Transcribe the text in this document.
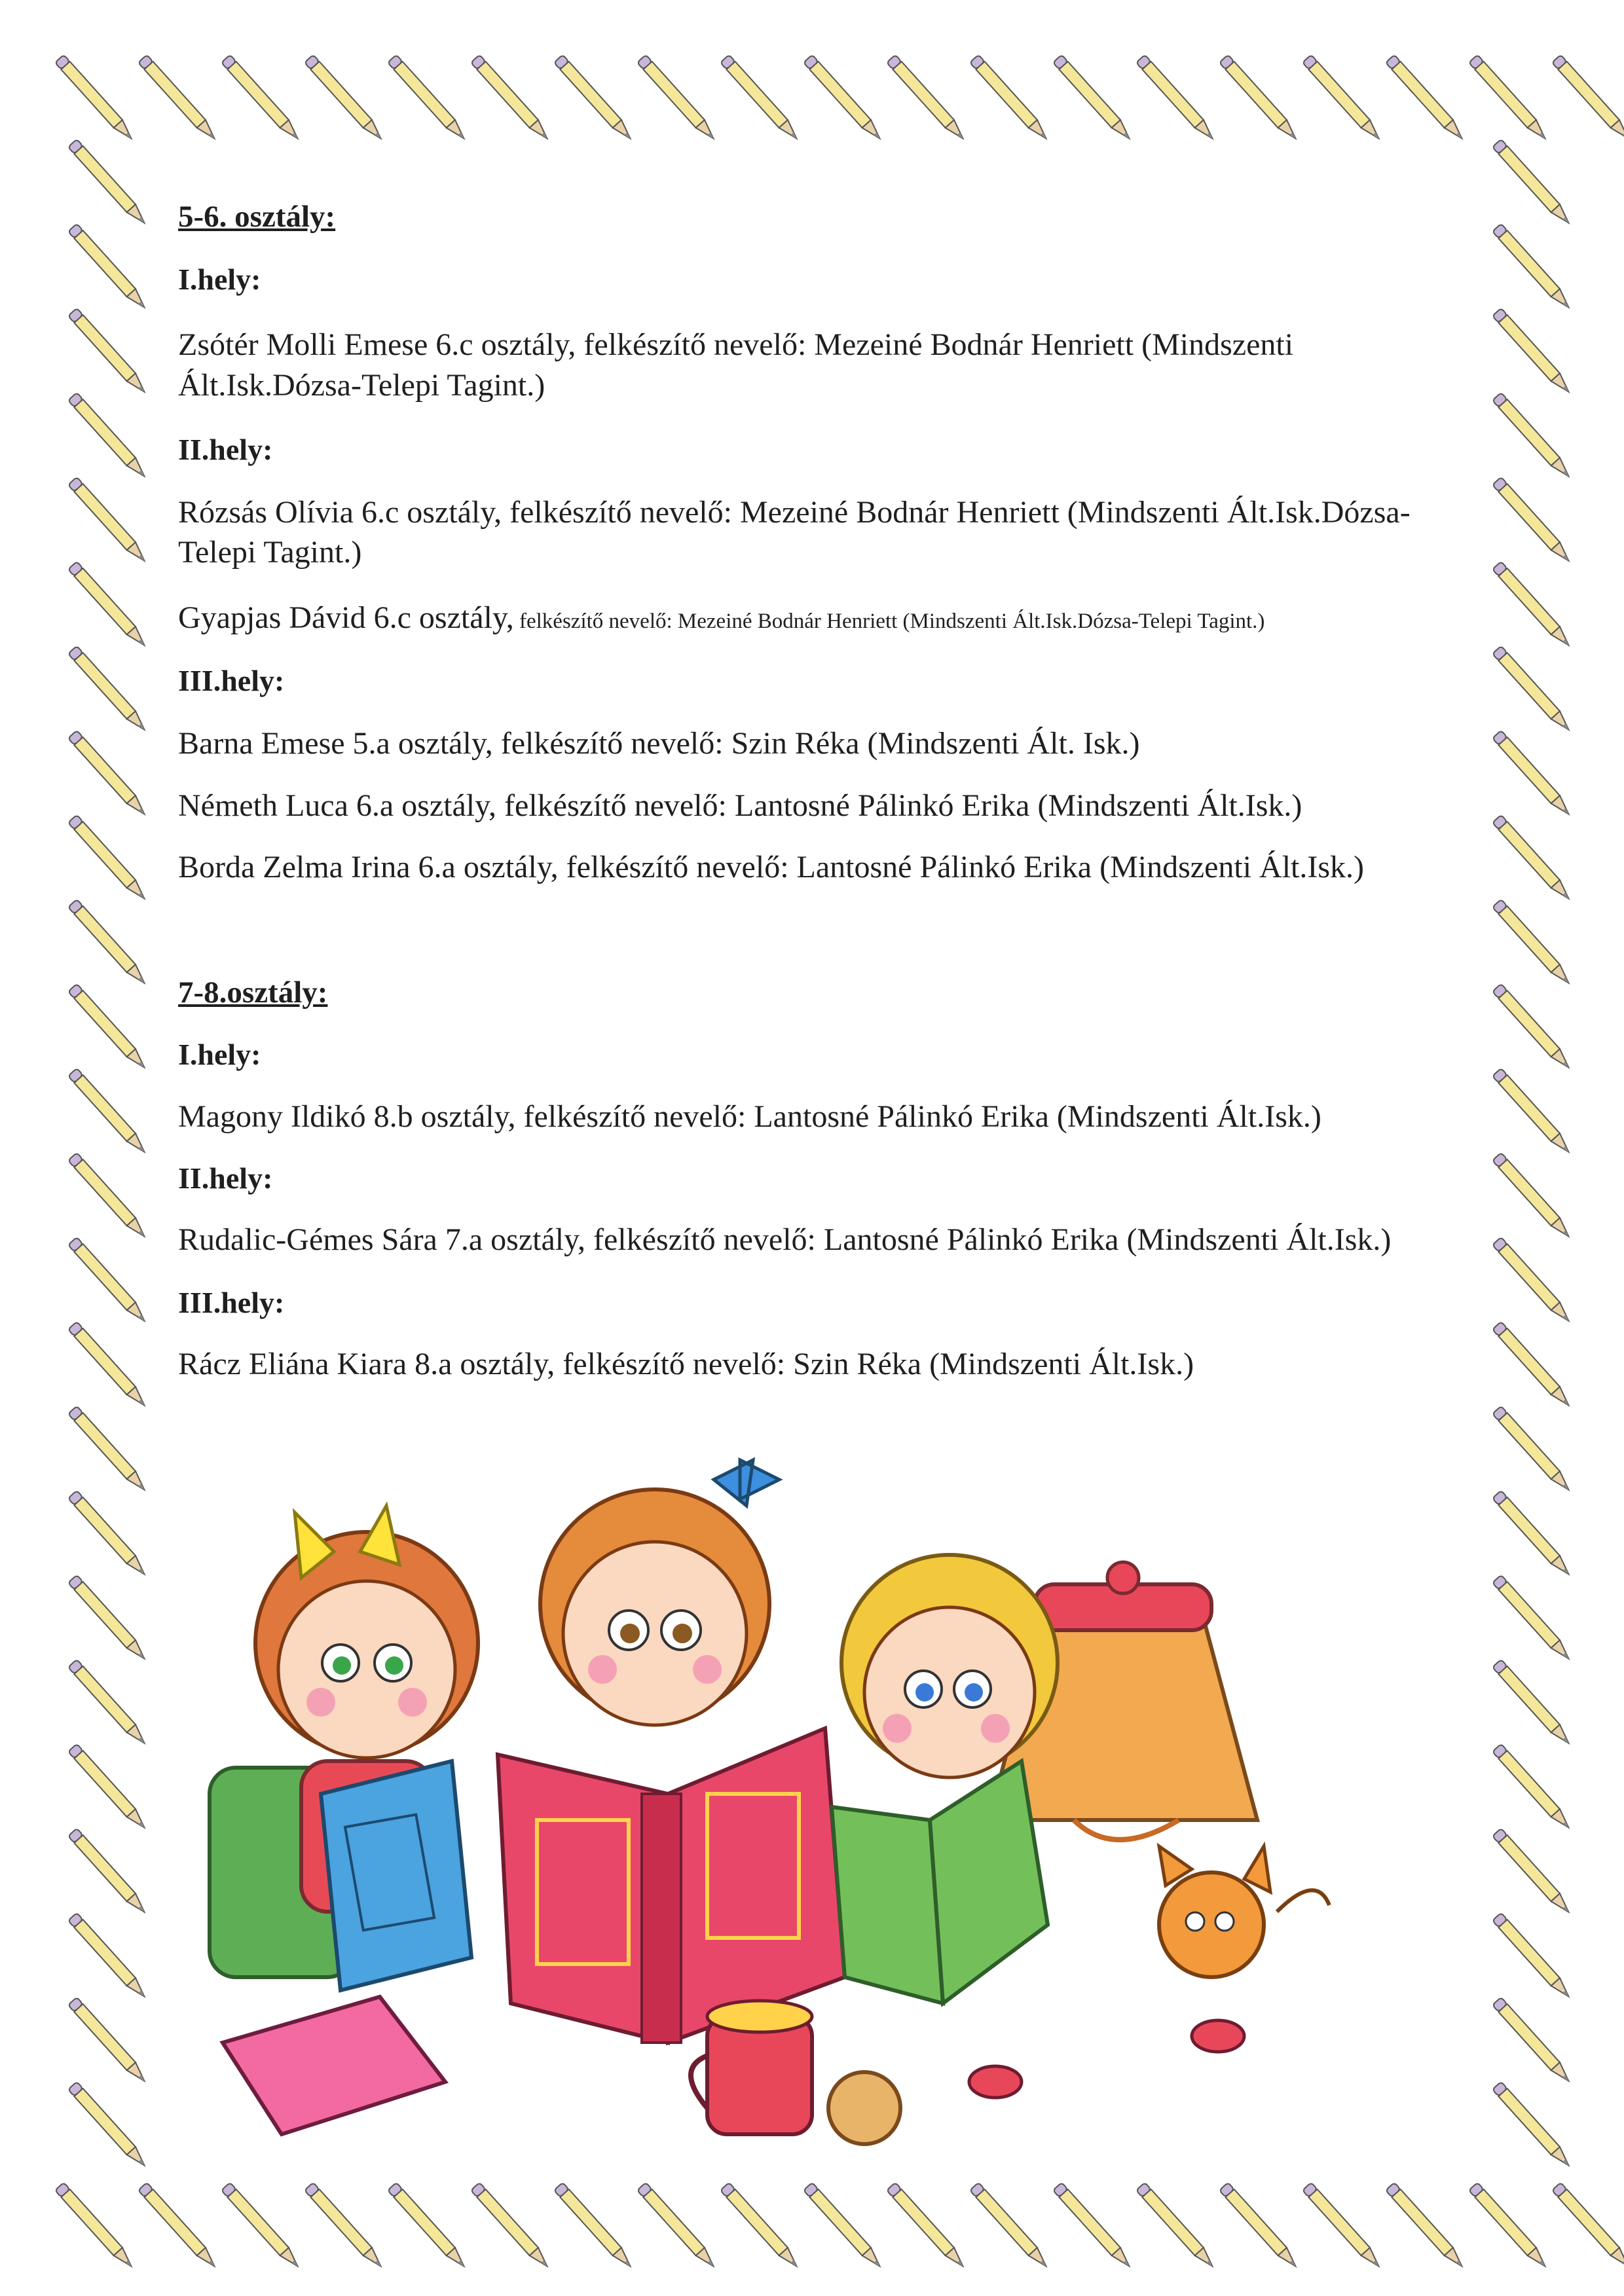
5-6. osztály:
I.hely:
Zsótér Molli Emese 6.c osztály, felkészítő nevelő: Mezeiné Bodnár Henriett (Mindszenti
Ált.Isk.Dózsa-Telepi Tagint.)
II.hely:
Rózsás Olívia 6.c osztály, felkészítő nevelő: Mezeiné Bodnár Henriett (Mindszenti Ált.Isk.Dózsa-
Telepi Tagint.)
Gyapjas Dávid 6.c osztály, felkészítő nevelő: Mezeiné Bodnár Henriett (Mindszenti Ált.Isk.Dózsa-Telepi Tagint.)
III.hely:
Barna Emese 5.a osztály, felkészítő nevelő: Szin Réka (Mindszenti Ált. Isk.)
Németh Luca 6.a osztály, felkészítő nevelő: Lantosné Pálinkó Erika (Mindszenti Ált.Isk.)
Borda Zelma Irina 6.a osztály, felkészítő nevelő: Lantosné Pálinkó Erika (Mindszenti Ált.Isk.)
7-8.osztály:
I.hely:
Magony Ildikó 8.b osztály, felkészítő nevelő: Lantosné Pálinkó Erika (Mindszenti Ált.Isk.)
II.hely:
Rudalic-Gémes Sára 7.a osztály, felkészítő nevelő: Lantosné Pálinkó Erika (Mindszenti Ált.Isk.)
III.hely:
Rácz Eliána Kiara 8.a osztály, felkészítő nevelő: Szin Réka (Mindszenti Ált.Isk.)
